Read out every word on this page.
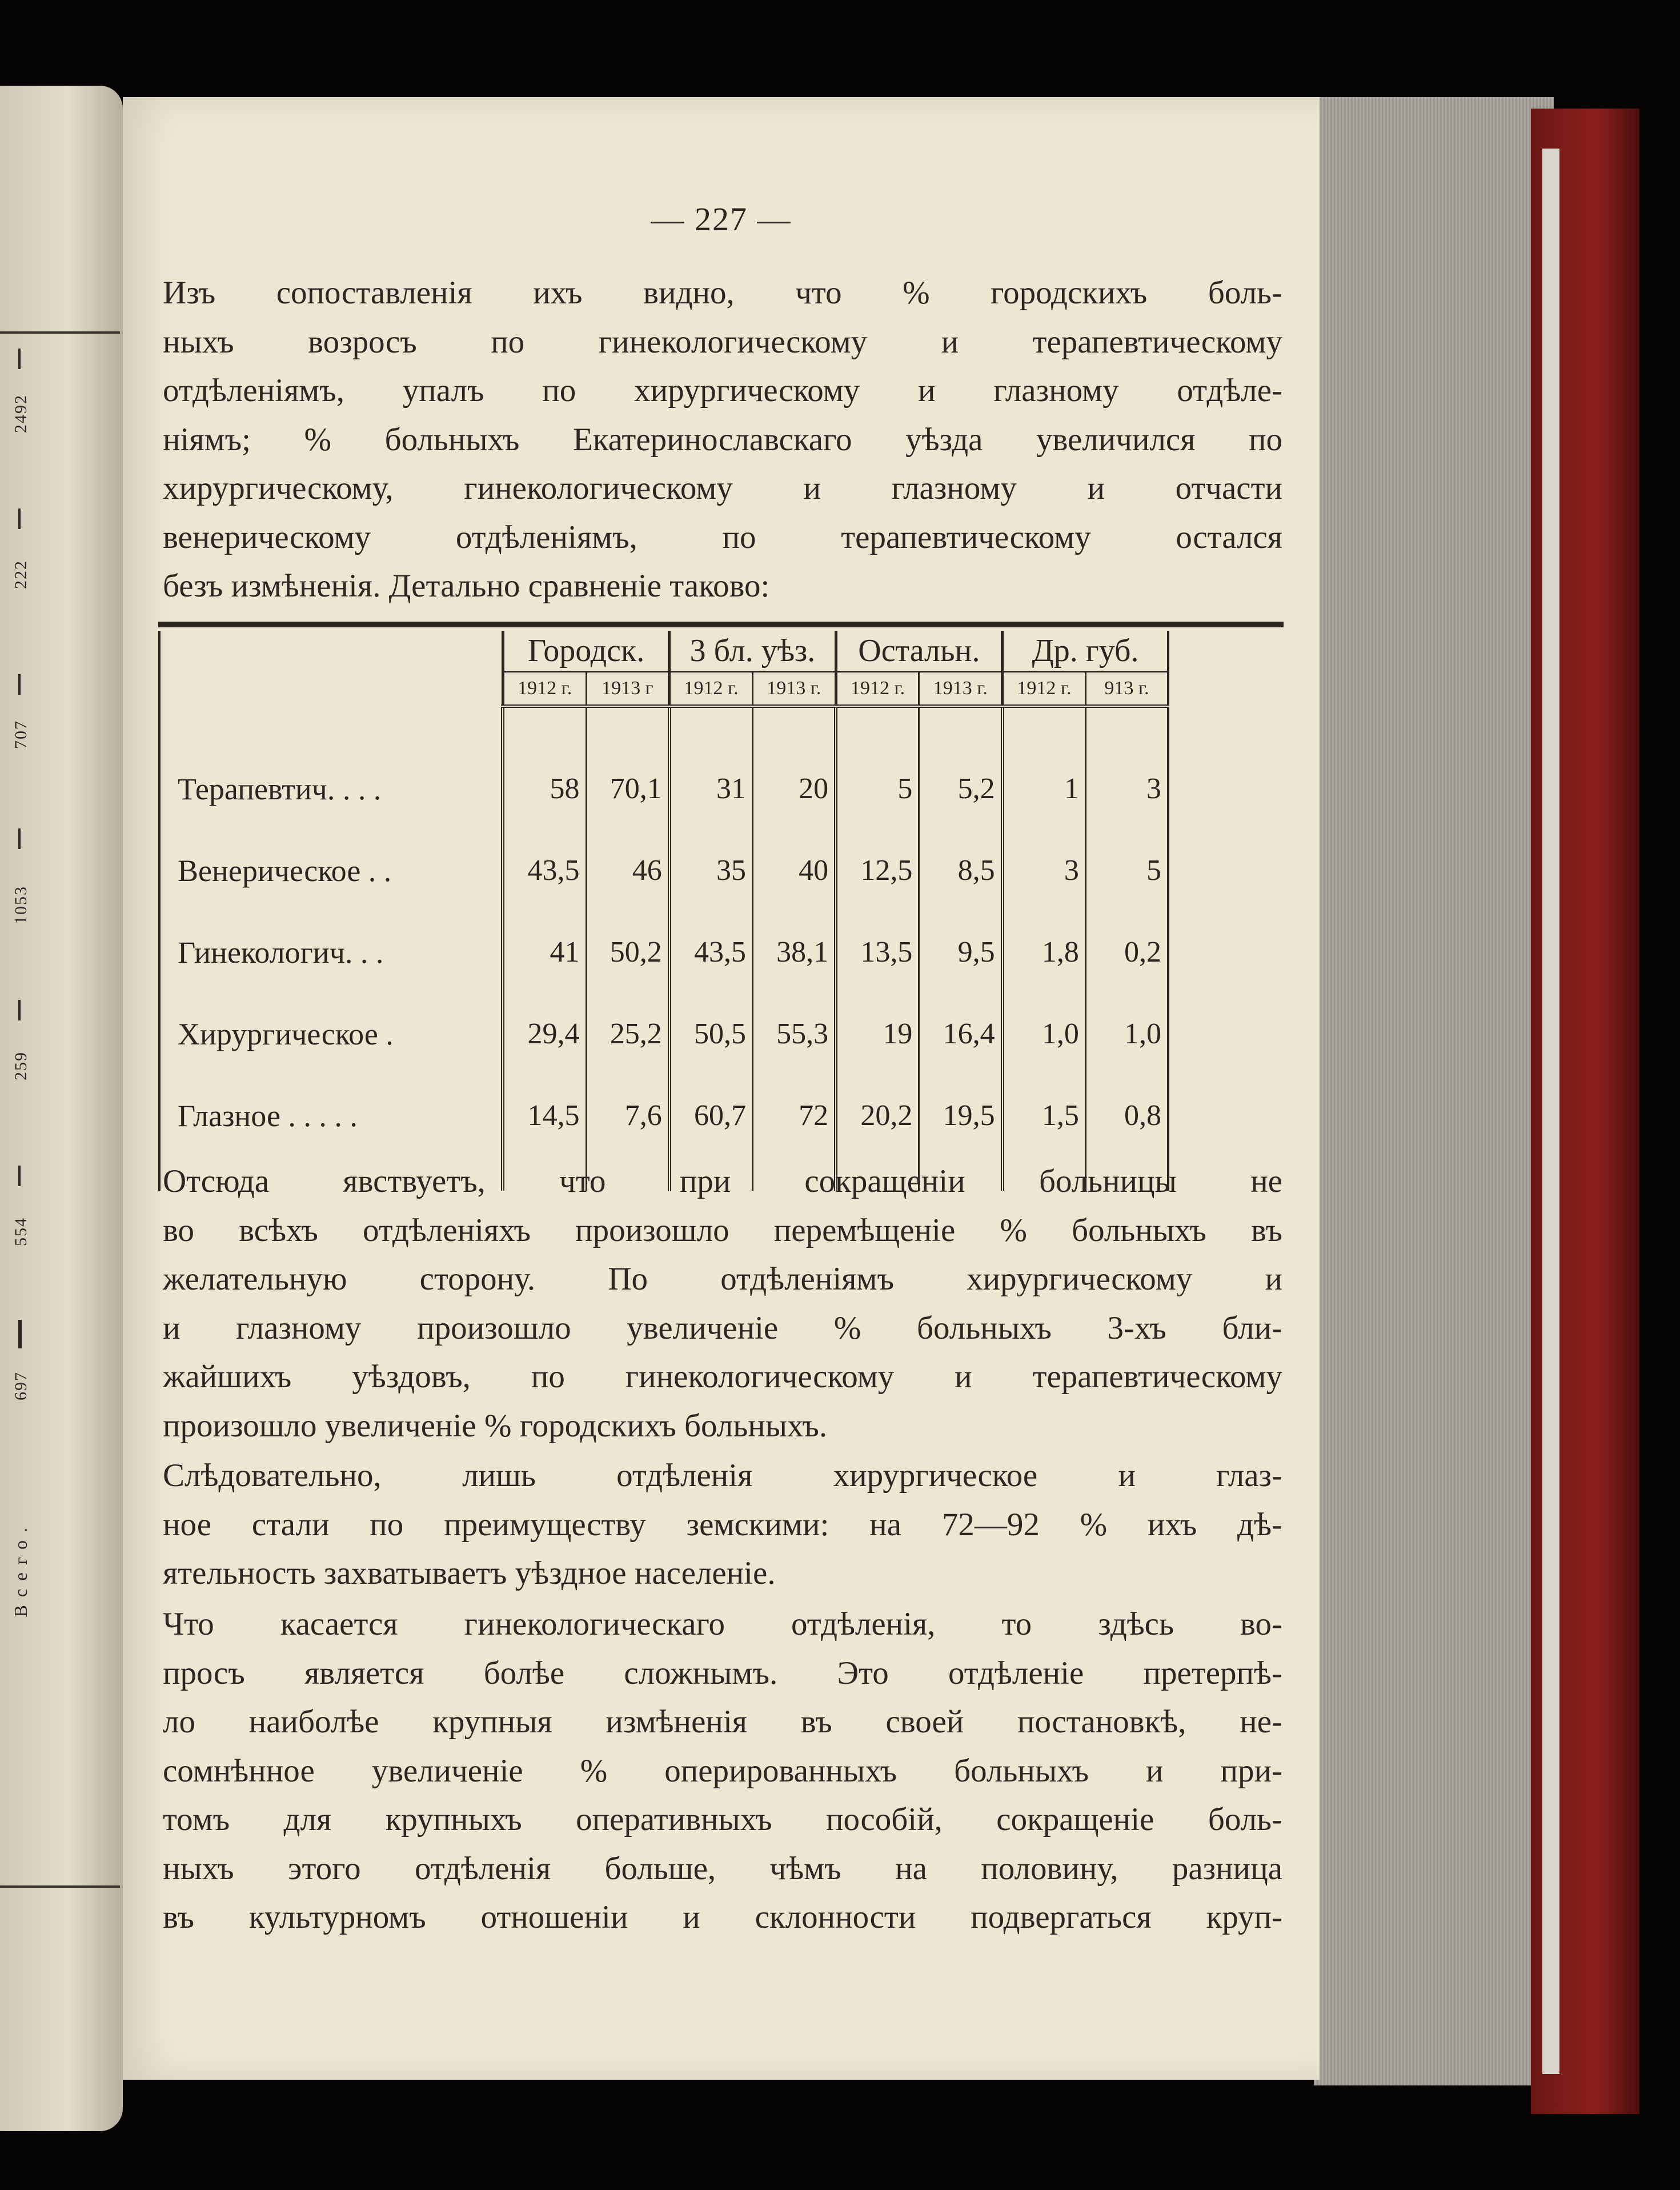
2492
222
707
1053
259
554
697
Всего.
— 227 —

Изъ сопоставленія ихъ видно, что % городскихъ боль-
ныхъ возросъ по гинекологическому и терапевтическому
отдѣленіямъ, упалъ по хирургическому и глазному отдѣле-
ніямъ; % больныхъ Екатеринославскаго уѣзда увеличился по
хирургическому, гинекологическому и глазному и отчасти
венерическому отдѣленіямъ, по терапевтическому остался
безъ измѣненія. Детально сравненіе таково:

	Городск.		3 бл. уѣз.		Остальн.		Др. губ.	
	1912 г.	1913 г	1912 г.	1913 г.	1912 г.	1913 г.	1912 г.	913 г.

Терапевтич. . . .	58	70,1	31	20	5	5,2	1	3
Венерическое . .	43,5	46	35	40	12,5	8,5	3	5
Гинекологич. . .	41	50,2	43,5	38,1	13,5	9,5	1,8	0,2
Хирургическое .	29,4	25,2	50,5	55,3	19	16,4	1,0	1,0
Глазное . . . . .	14,5	7,6	60,7	72	20,2	19,5	1,5	0,8

Отсюда явствуетъ, что при сокращеніи больницы не
во всѣхъ отдѣленіяхъ произошло перемѣщеніе % больныхъ въ
желательную сторону. По отдѣленіямъ хирургическому и
и глазному произошло увеличеніе % больныхъ 3-хъ бли-
жайшихъ уѣздовъ, по гинекологическому и терапевтическому
произошло увеличеніе % городскихъ больныхъ.

Слѣдовательно, лишь отдѣленія хирургическое и глаз-
ное стали по преимуществу земскими: на 72—92 % ихъ дѣ-
ятельность захватываетъ уѣздное населеніе.

Что касается гинекологическаго отдѣленія, то здѣсь во-
просъ является болѣе сложнымъ. Это отдѣленіе претерпѣ-
ло наиболѣе крупныя измѣненія въ своей постановкѣ, не-
сомнѣнное увеличеніе % оперированныхъ больныхъ и при-
томъ для крупныхъ оперативныхъ пособій, сокращеніе боль-
ныхъ этого отдѣленія больше, чѣмъ на половину, разница
въ культурномъ отношеніи и склонности подвергаться круп-
